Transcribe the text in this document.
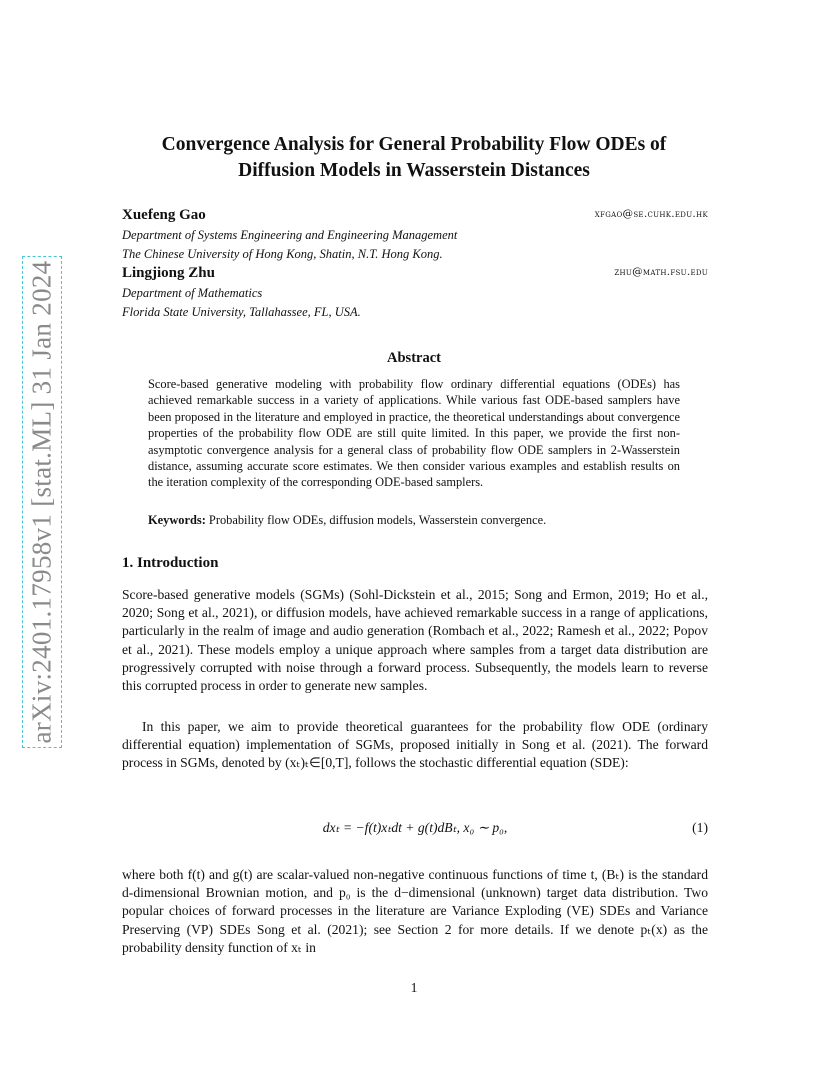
arXiv:2401.17958v1 [stat.ML] 31 Jan 2024
Convergence Analysis for General Probability Flow ODEs of
Diffusion Models in Wasserstein Distances
Xuefeng Gao	xfgao@se.cuhk.edu.hk
Department of Systems Engineering and Engineering Management
The Chinese University of Hong Kong, Shatin, N.T. Hong Kong.
Lingjiong Zhu	zhu@math.fsu.edu
Department of Mathematics
Florida State University, Tallahassee, FL, USA.
Abstract
Score-based generative modeling with probability flow ordinary differential equations (ODEs) has achieved remarkable success in a variety of applications. While various fast ODE-based samplers have been proposed in the literature and employed in practice, the theoretical understandings about convergence properties of the probability flow ODE are still quite limited. In this paper, we provide the first non-asymptotic convergence analysis for a general class of probability flow ODE samplers in 2-Wasserstein distance, assuming accurate score estimates. We then consider various examples and establish results on the iteration complexity of the corresponding ODE-based samplers.
Keywords: Probability flow ODEs, diffusion models, Wasserstein convergence.
1. Introduction

Score-based generative models (SGMs) (Sohl-Dickstein et al., 2015; Song and Ermon, 2019; Ho et al., 2020; Song et al., 2021), or diffusion models, have achieved remarkable success in a range of applications, particularly in the realm of image and audio generation (Rombach et al., 2022; Ramesh et al., 2022; Popov et al., 2021). These models employ a unique approach where samples from a target data distribution are progressively corrupted with noise through a forward process. Subsequently, the models learn to reverse this corrupted process in order to generate new samples.

In this paper, we aim to provide theoretical guarantees for the probability flow ODE (ordinary differential equation) implementation of SGMs, proposed initially in Song et al. (2021). The forward process in SGMs, denoted by (xₜ)ₜ∈[0,T], follows the stochastic differential equation (SDE):

dxₜ = −f(t)xₜdt + g(t)dBₜ, x₀ ∼ p₀,	(1)

where both f(t) and g(t) are scalar-valued non-negative continuous functions of time t, (Bₜ) is the standard d-dimensional Brownian motion, and p₀ is the d−dimensional (unknown) target data distribution. Two popular choices of forward processes in the literature are Variance Exploding (VE) SDEs and Variance Preserving (VP) SDEs Song et al. (2021); see Section 2 for more details. If we denote pₜ(x) as the probability density function of xₜ in

1
